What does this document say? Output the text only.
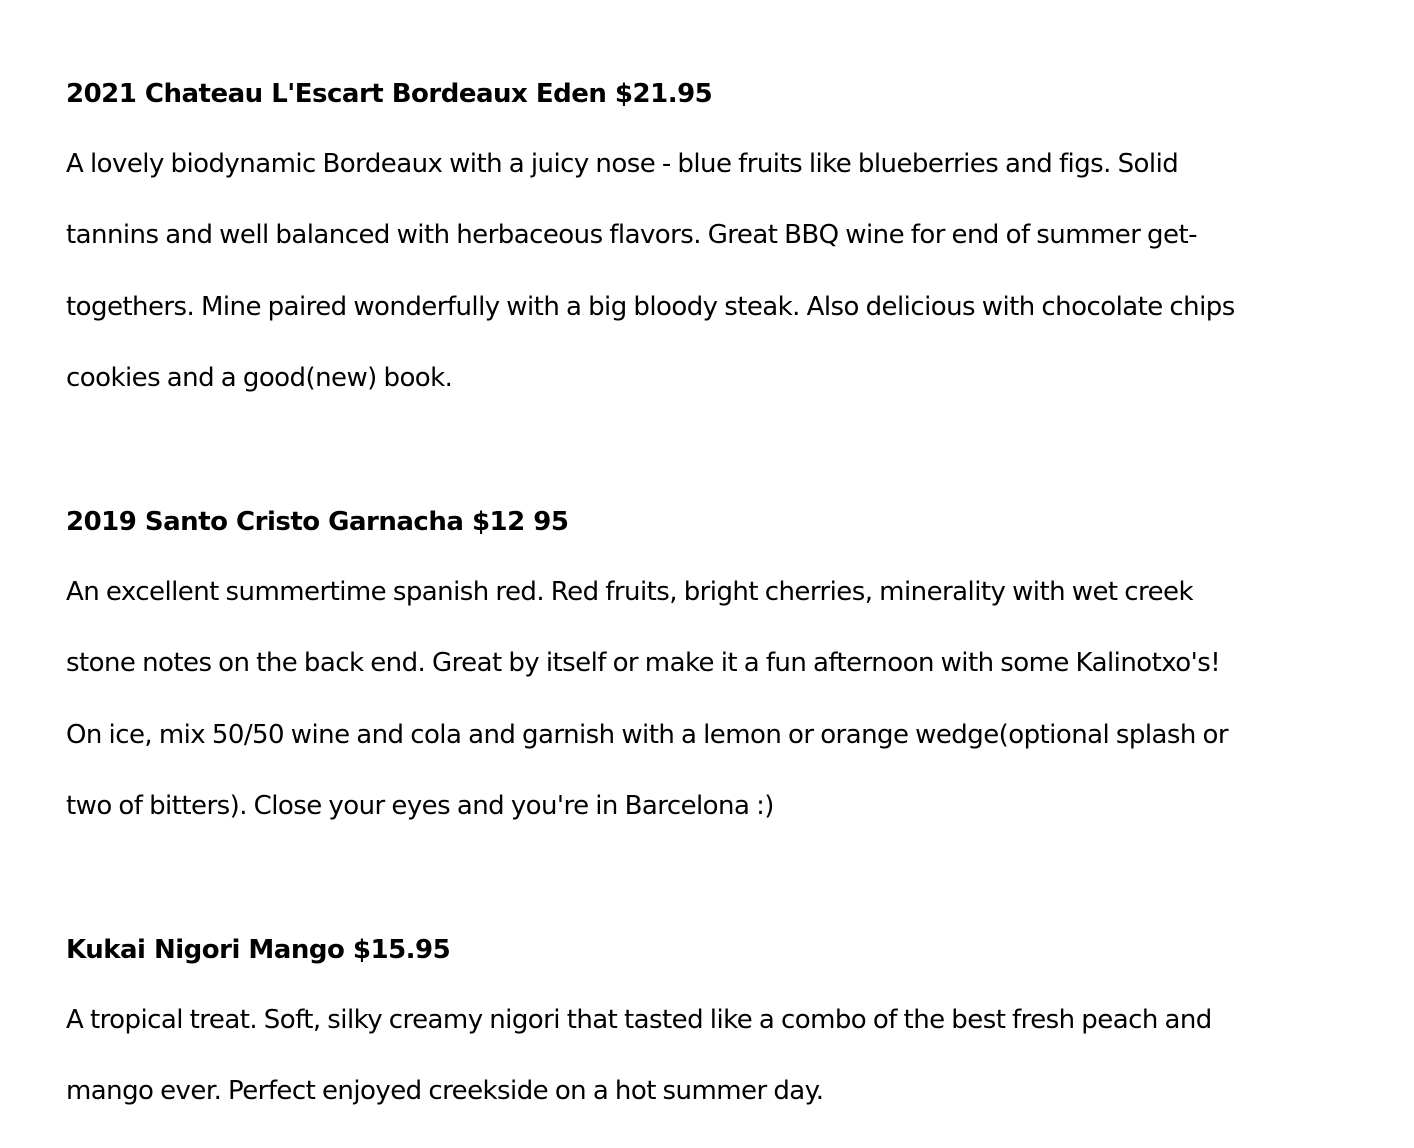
2021 Chateau L'Escart Bordeaux Eden $21.95
A lovely biodynamic Bordeaux with a juicy nose - blue fruits like blueberries and figs. Solid
tannins and well balanced with herbaceous flavors. Great BBQ wine for end of summer get-
togethers. Mine paired wonderfully with a big bloody steak. Also delicious with chocolate chips
cookies and a good(new) book.
2019 Santo Cristo Garnacha $12 95
An excellent summertime spanish red. Red fruits, bright cherries, minerality with wet creek
stone notes on the back end. Great by itself or make it a fun afternoon with some Kalinotxo's!
On ice, mix 50/50 wine and cola and garnish with a lemon or orange wedge(optional splash or
two of bitters). Close your eyes and you're in Barcelona :)
Kukai Nigori Mango $15.95
A tropical treat. Soft, silky creamy nigori that tasted like a combo of the best fresh peach and
mango ever. Perfect enjoyed creekside on a hot summer day.
